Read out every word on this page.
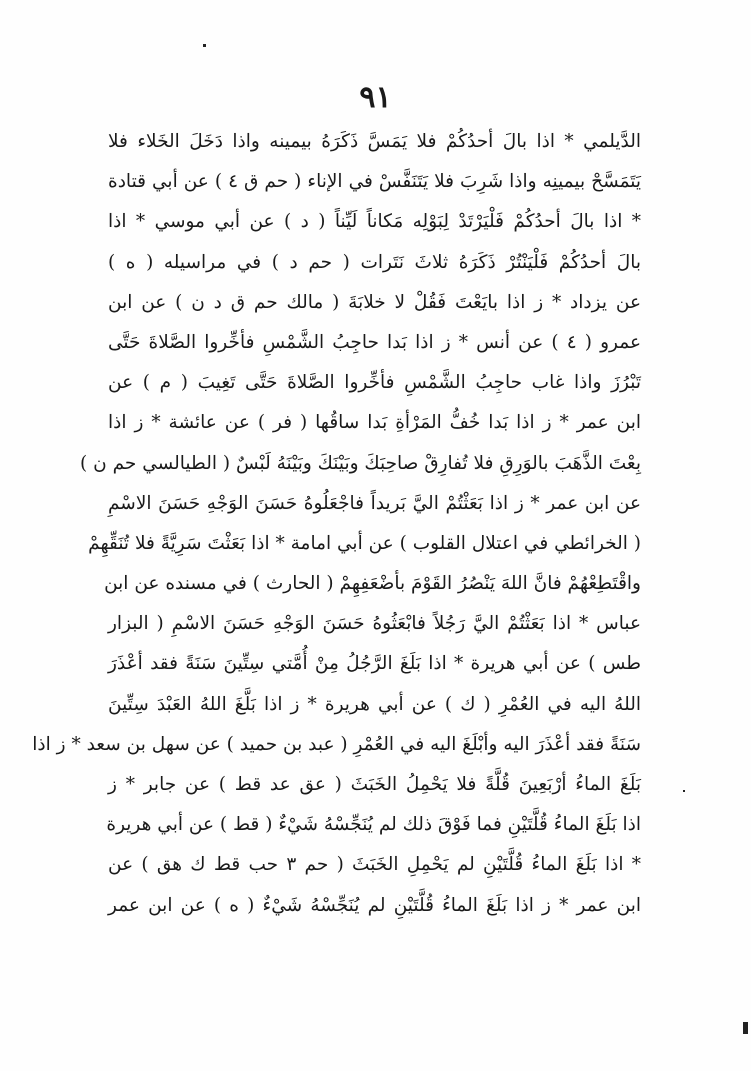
٩١
الدَّيلمي * اذا بالَ أحدُكُمْ فلا يَمَسَّ ذَكَرَهُ بيمينه واذا دَخَلَ الخَلاء فلا
يَتَمَسَّحْ بيمينِه واذا شَرِبَ فلا يَتَنَفَّسْ في الإناء ( حم ق ٤ ) عن أبي قتادة
* اذا بالَ أحدُكُمْ فَلْيَرْتَدْ لِبَوْلِه مَكاناً لَيِّناً ( د ) عن أبي موسي * اذا
بالَ أحدُكُمْ فَلْيَنْتُرْ ذَكَرَهُ ثلاثَ نَتَرات ( حم د ) في مراسيله ( ه )
عن يزداد * ز اذا بايَعْتَ فَقُلْ لا خلابَةَ ( مالك حم ق د ن ) عن ابن
عمرو ( ٤ ) عن أنس * ز اذا بَدا حاجِبُ الشَّمْسِ فأخِّروا الصَّلاةَ حَتَّى
تَبْرُزَ واذا غاب حاجِبُ الشَّمْسِ فأخِّروا الصَّلاةَ حَتَّى تَغِيبَ ( م ) عن
ابن عمر * ز اذا بَدا خُفُّ المَرْأةِ بَدا ساقُها ( فر ) عن عائشة * ز اذا
بِعْتَ الذَّهَبَ بالوَرِقِ فلا تُفارِقْ صاحِبَكَ وبَيْنَكَ وبَيْنَهُ لَبْسٌ ( الطيالسي حم ن )
عن ابن عمر * ز اذا بَعَثْتُمْ اليَّ بَريداً فاجْعَلُوهُ حَسَنَ الوَجْهِ حَسَنَ الاسْمِ
( الخرائطي في اعتلال القلوب ) عن أبي امامة * اذا بَعَثْتَ سَرِيَّةً فلا تُنَقِّهِمْ
واقْتَطِعْهُمْ فانَّ اللهَ يَنْصُرُ القَوْمَ بأضْعَفِهِمْ ( الحارث ) في مسنده عن ابن
عباس * اذا بَعَثْتُمْ اليَّ رَجُلاً فابْعَثُوهُ حَسَنَ الوَجْهِ حَسَنَ الاسْمِ ( البزار
طس ) عن أبي هريرة * اذا بَلَغَ الرَّجُلُ مِنْ أُمَّتي سِتِّينَ سَنَةً فقد أعْذَرَ
اللهُ اليه في العُمْرِ ( ك ) عن أبي هريرة * ز اذا بَلَّغَ اللهُ العَبْدَ سِتِّينَ
سَنَةً فقد أعْذَرَ اليه وأبْلَغَ اليه في العُمْرِ ( عبد بن حميد ) عن سهل بن سعد * ز اذا
بَلَغَ الماءُ أرْبَعِينَ قُلَّةً فلا يَحْمِلُ الخَبَثَ ( عق عد قط ) عن جابر * ز
اذا بَلَغَ الماءُ قُلَّتَيْنِ فما فَوْقَ ذلك لم يُنَجِّسْهُ شَيْءٌ ( قط ) عن أبي هريرة
* اذا بَلَغَ الماءُ قُلَّتَيْنِ لم يَحْمِلِ الخَبَثَ ( حم ٣ حب قط ك هق ) عن
ابن عمر * ز اذا بَلَغَ الماءُ قُلَّتَيْنِ لم يُنَجِّسْهُ شَيْءٌ ( ه ) عن ابن عمر
